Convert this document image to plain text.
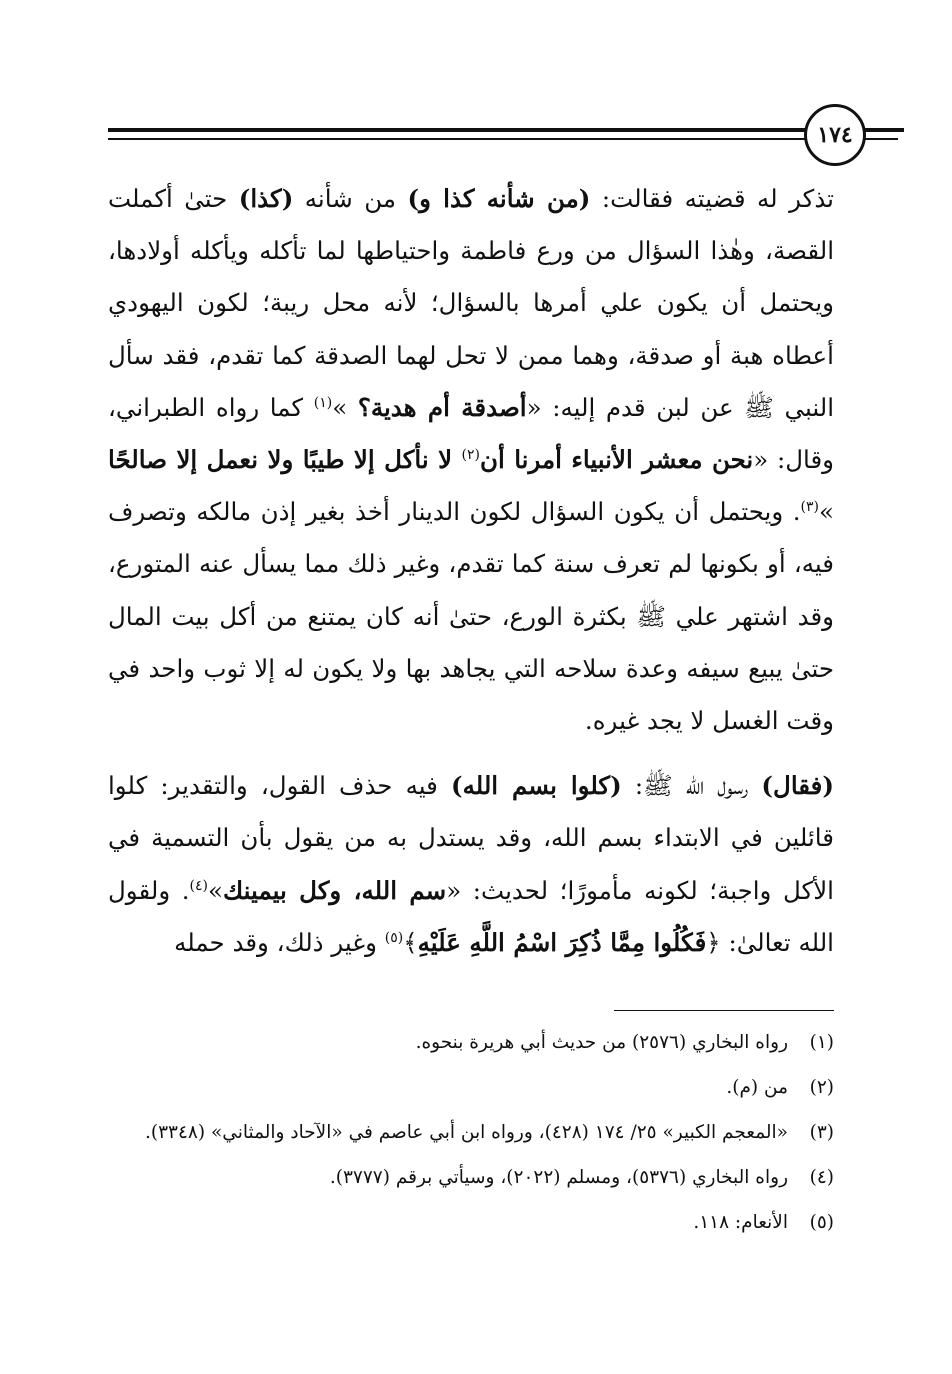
١٧٤

تذكر له قضيته فقالت: (من شأنه كذا و) من شأنه (كذا) حتىٰ أكملت القصة، وهٰذا السؤال من ورع فاطمة واحتياطها لما تأكله ويأكله أولادها، ويحتمل أن يكون علي أمرها بالسؤال؛ لأنه محل ريبة؛ لكون اليهودي أعطاه هبة أو صدقة، وهما ممن لا تحل لهما الصدقة كما تقدم، فقد سأل النبي ﷺ عن لبن قدم إليه: «أصدقة أم هدية؟ »$^{(١)}$ كما رواه الطبراني، وقال: «نحن معشر الأنبياء أمرنا أن$^{(٢)}$ لا نأكل إلا طيبًا ولا نعمل إلا صالحًا »$^{(٣)}$. ويحتمل أن يكون السؤال لكون الدينار أخذ بغير إذن مالكه وتصرف فيه، أو بكونها لم تعرف سنة كما تقدم، وغير ذلك مما يسأل عنه المتورع، وقد اشتهر علي ﷺ بكثرة الورع، حتىٰ أنه كان يمتنع من أكل بيت المال حتىٰ يبيع سيفه وعدة سلاحه التي يجاهد بها ولا يكون له إلا ثوب واحد في وقت الغسل لا يجد غيره.

(فقال) رسول الله ﷺ: (كلوا بسم الله) فيه حذف القول، والتقدير: كلوا قائلين في الابتداء بسم الله، وقد يستدل به من يقول بأن التسمية في الأكل واجبة؛ لكونه مأمورًا؛ لحديث: «سم الله، وكل بيمينك»$^{(٤)}$. ولقول الله تعالىٰ: ﴿فَكُلُوا مِمَّا ذُكِرَ اسْمُ اللَّهِ عَلَيْهِ﴾$^{(٥)}$ وغير ذلك، وقد حمله

(١)
رواه البخاري (٢٥٧٦) من حديث أبي هريرة بنحوه.
(٢)
من (م).
(٣)
«المعجم الكبير» ٢٥/ ١٧٤ (٤٢٨)، ورواه ابن أبي عاصم في «الآحاد والمثاني» (٣٣٤٨).
(٤)
رواه البخاري (٥٣٧٦)، ومسلم (٢٠٢٢)، وسيأتي برقم (٣٧٧٧).
(٥)
الأنعام: ١١٨.
